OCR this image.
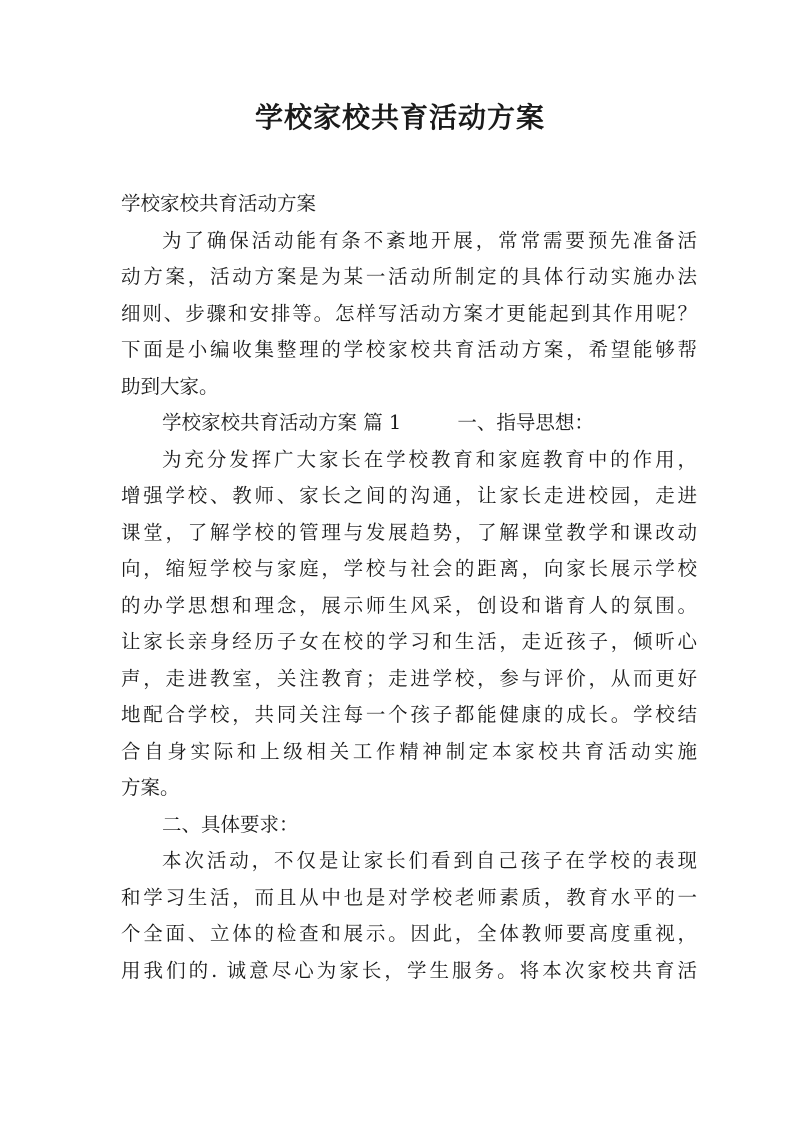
学校家校共育活动方案
学校家校共育活动方案
为了确保活动能有条不紊地开展，常常需要预先准备活
动方案，活动方案是为某一活动所制定的具体行动实施办法
细则、步骤和安排等。怎样写活动方案才更能起到其作用呢？
下面是小编收集整理的学校家校共育活动方案，希望能够帮
助到大家。
学校家校共育活动方案 篇 1	一、指导思想：
为充分发挥广大家长在学校教育和家庭教育中的作用，
增强学校、教师、家长之间的沟通，让家长走进校园，走进
课堂，了解学校的管理与发展趋势，了解课堂教学和课改动
向，缩短学校与家庭，学校与社会的距离，向家长展示学校
的办学思想和理念，展示师生风采，创设和谐育人的氛围。
让家长亲身经历子女在校的学习和生活，走近孩子，倾听心
声，走进教室，关注教育；走进学校，参与评价，从而更好
地配合学校，共同关注每一个孩子都能健康的成长。学校结
合自身实际和上级相关工作精神制定本家校共育活动实施
方案。
二、具体要求：
本次活动，不仅是让家长们看到自己孩子在学校的表现
和学习生活，而且从中也是对学校老师素质，教育水平的一
个全面、立体的检查和展示。因此，全体教师要高度重视，
用我们的. 诚意尽心为家长，学生服务。将本次家校共育活
